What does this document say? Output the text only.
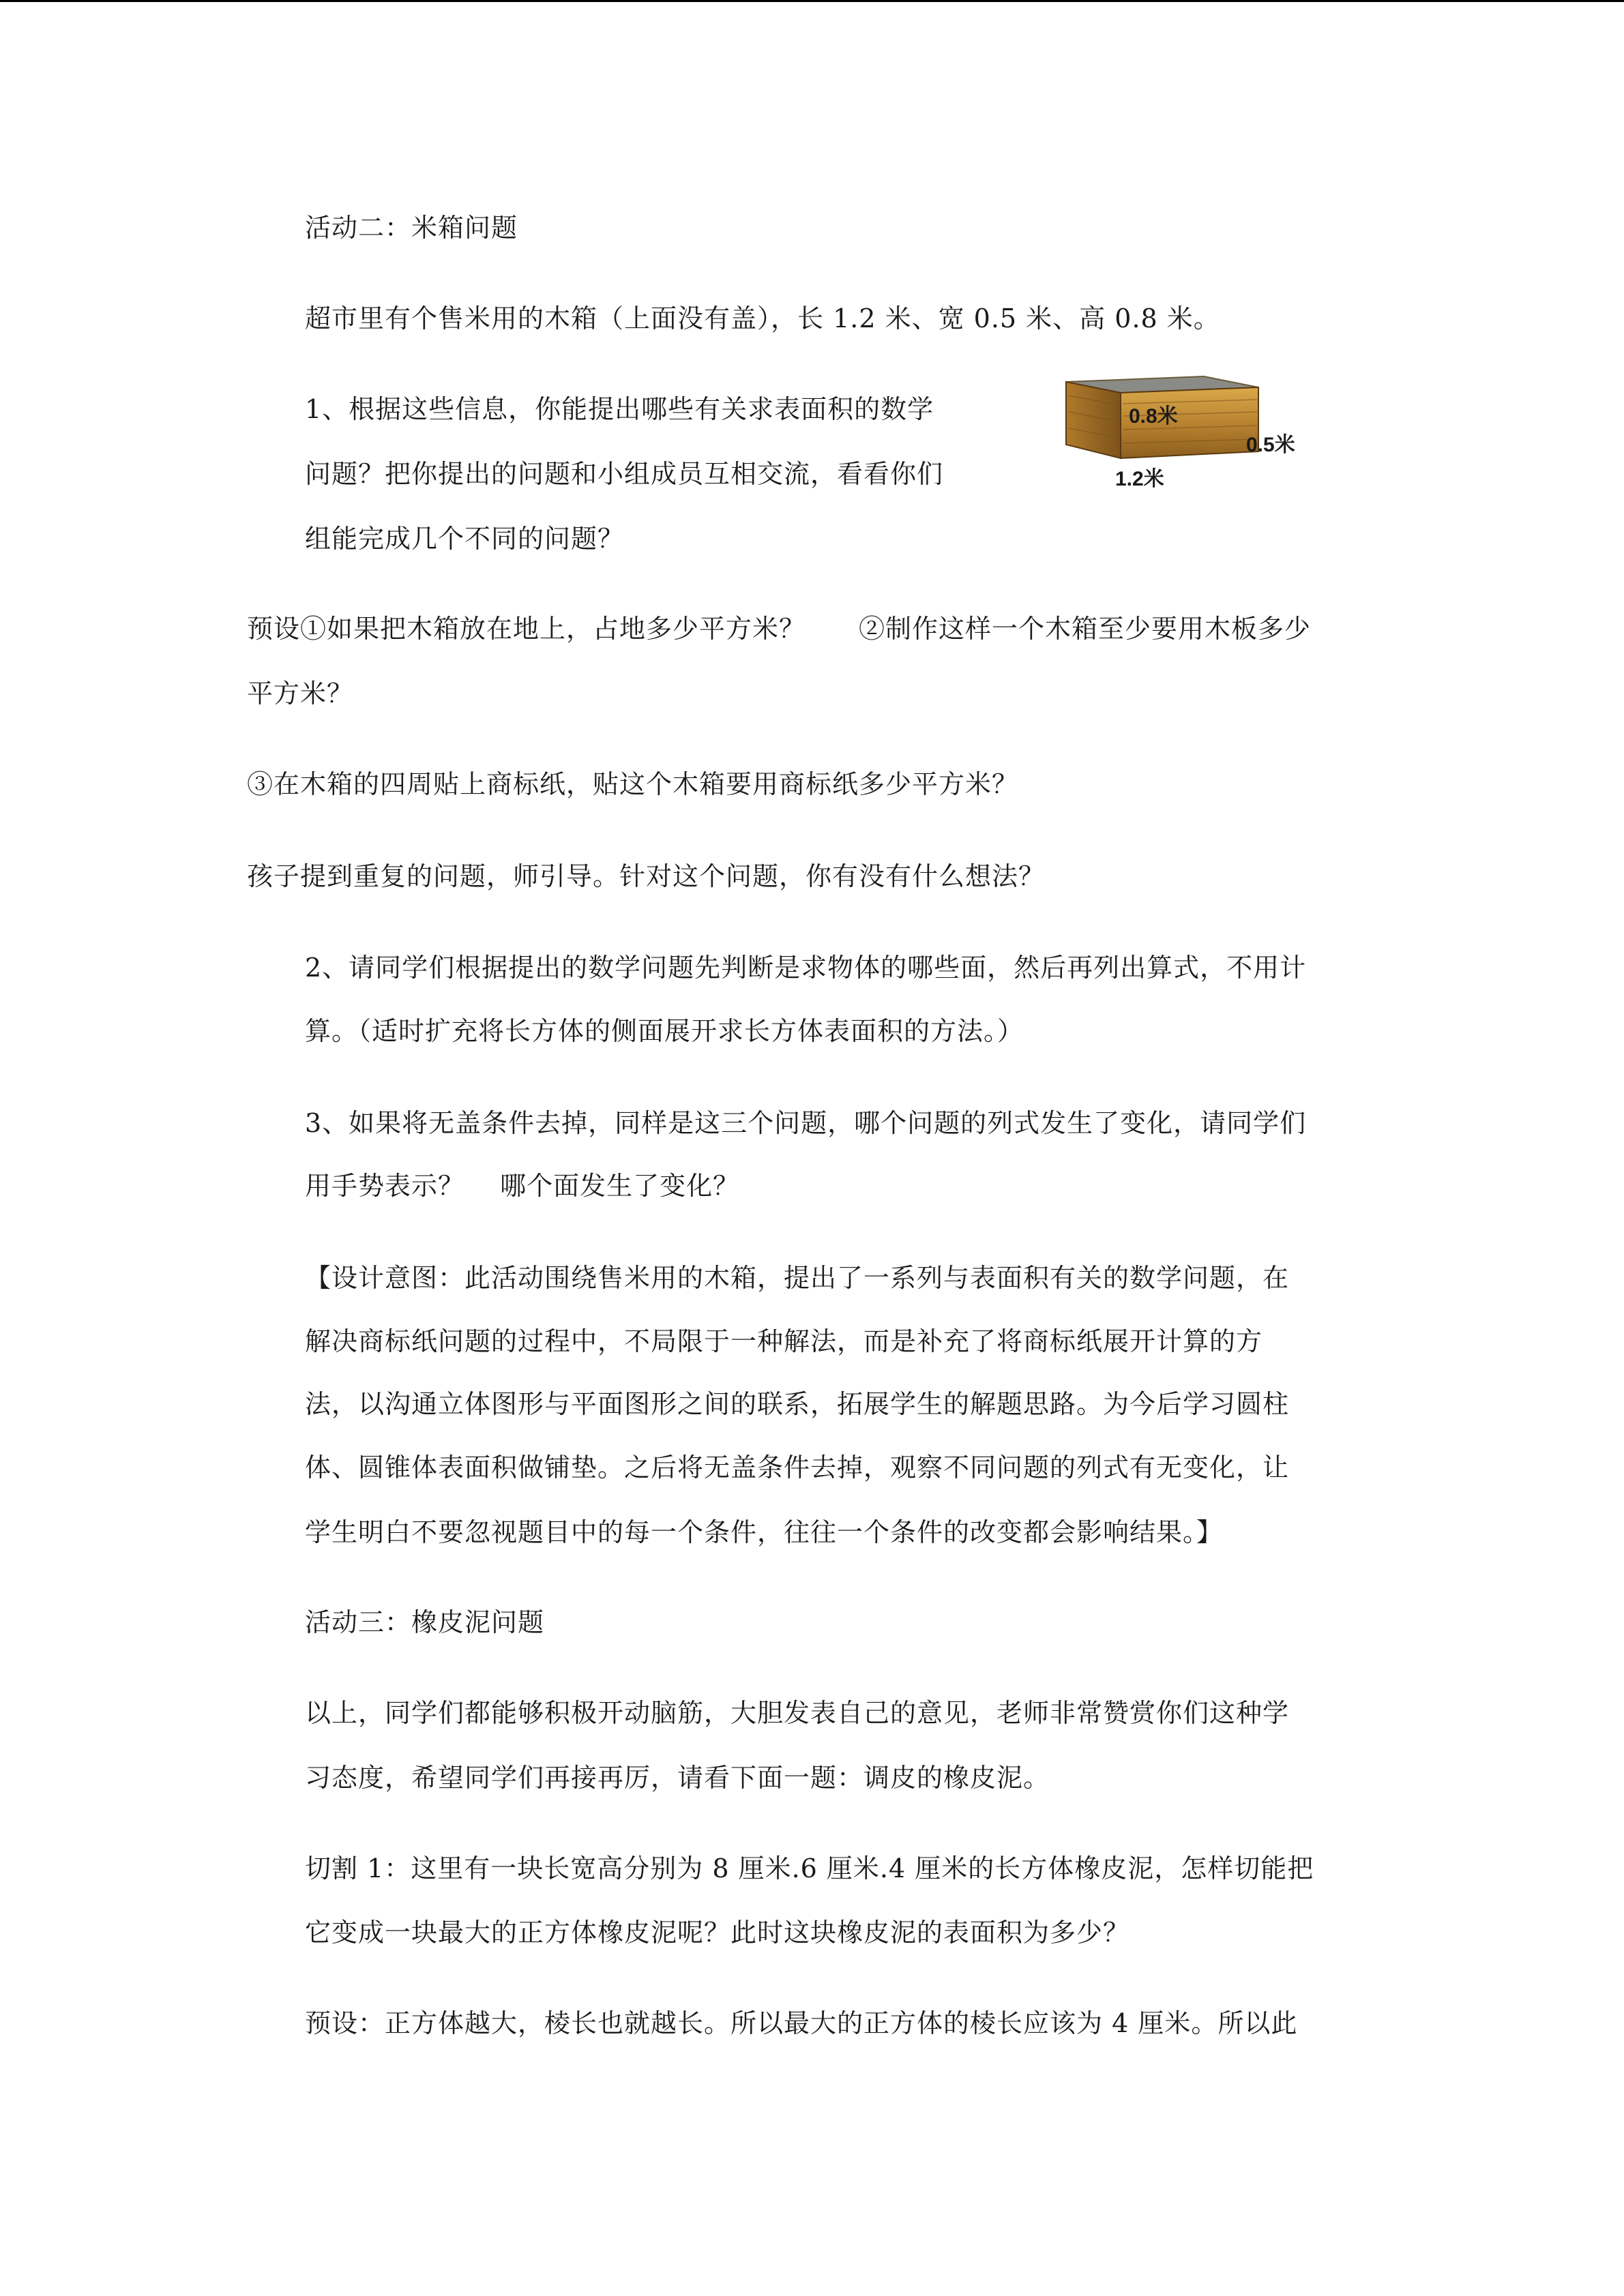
活动二：米箱问题
超市里有个售米用的木箱（上面没有盖），长 1.2 米、宽 0.5 米、高 0.8 米。
1、根据这些信息，你能提出哪些有关求表面积的数学
问题？把你提出的问题和小组成员互相交流，看看你们
组能完成几个不同的问题？
0.8米
0.5米
1.2米
预设①如果把木箱放在地上，占地多少平方米？　　②制作这样一个木箱至少要用木板多少
平方米？
③在木箱的四周贴上商标纸，贴这个木箱要用商标纸多少平方米？
孩子提到重复的问题，师引导。针对这个问题，你有没有什么想法？
2、请同学们根据提出的数学问题先判断是求物体的哪些面，然后再列出算式，不用计
算。（适时扩充将长方体的侧面展开求长方体表面积的方法。）
3、如果将无盖条件去掉，同样是这三个问题，哪个问题的列式发生了变化，请同学们
用手势表示？　 哪个面发生了变化？
【设计意图：此活动围绕售米用的木箱，提出了一系列与表面积有关的数学问题，在
解决商标纸问题的过程中，不局限于一种解法，而是补充了将商标纸展开计算的方
法，以沟通立体图形与平面图形之间的联系，拓展学生的解题思路。为今后学习圆柱
体、圆锥体表面积做铺垫。之后将无盖条件去掉，观察不同问题的列式有无变化，让
学生明白不要忽视题目中的每一个条件，往往一个条件的改变都会影响结果。】
活动三：橡皮泥问题
以上，同学们都能够积极开动脑筋，大胆发表自己的意见，老师非常赞赏你们这种学
习态度，希望同学们再接再厉，请看下面一题：调皮的橡皮泥。
切割 1：这里有一块长宽高分别为 8 厘米.6 厘米.4 厘米的长方体橡皮泥，怎样切能把
它变成一块最大的正方体橡皮泥呢？此时这块橡皮泥的表面积为多少？
预设：正方体越大，棱长也就越长。所以最大的正方体的棱长应该为 4 厘米。所以此
